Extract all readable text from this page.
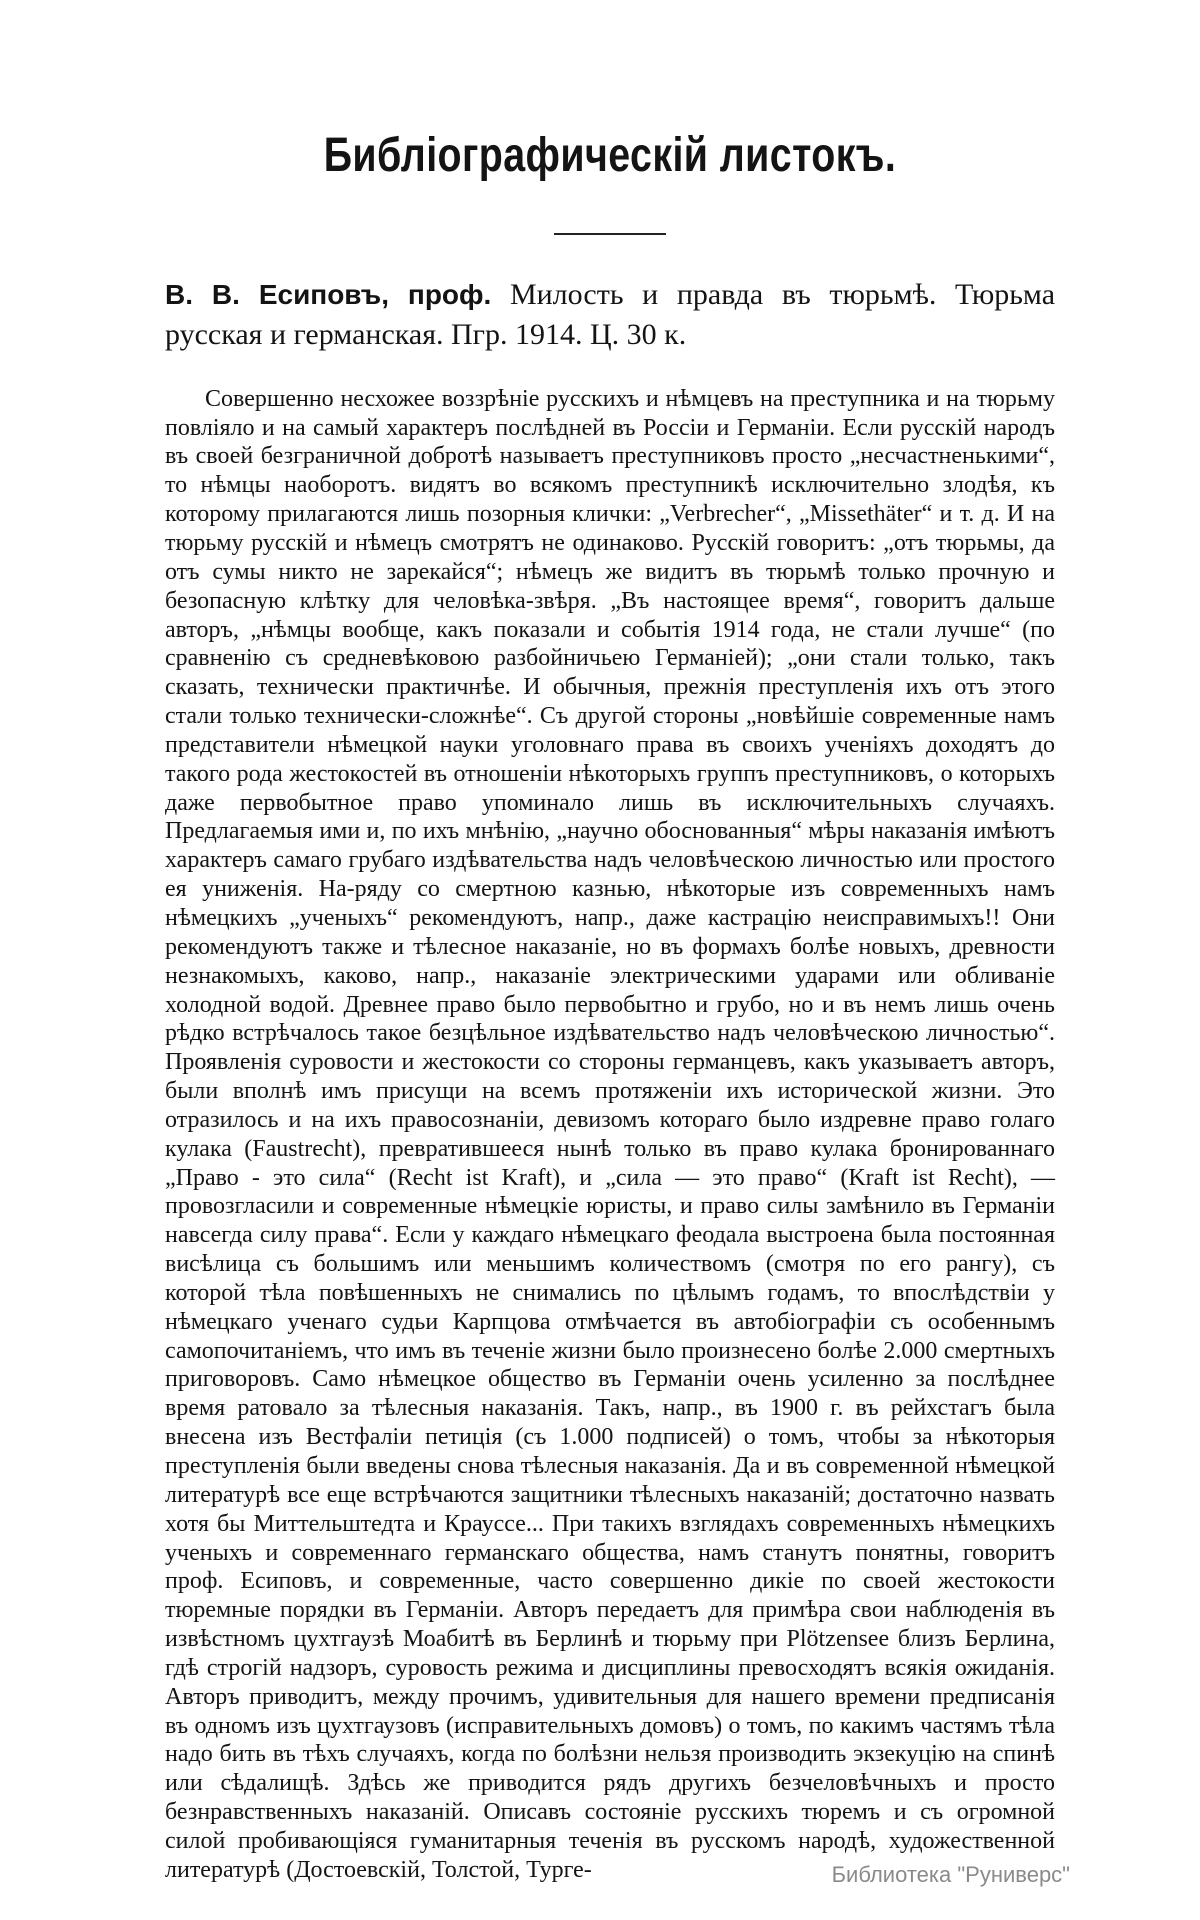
Библіографическій листокъ.

В. В. Есиповъ, проф. Милость и правда въ тюрьмѣ. Тюрьма русская и германская. Пгр. 1914. Ц. 30 к.

Совершенно несхожее воззрѣніе русскихъ и нѣмцевъ на преступника и на тюрьму повліяло и на самый характеръ послѣдней въ Россіи и Германіи. Если русскій народъ въ своей безграничной добротѣ называетъ преступниковъ просто „несчастненькими“, то нѣмцы наоборотъ. видятъ во всякомъ преступникѣ исключительно злодѣя, къ которому прилагаются лишь позорныя клички: „Verbrecher“, „Missethäter“ и т. д. И на тюрьму русскій и нѣмецъ смотрятъ не одинаково. Русскій говоритъ: „отъ тюрьмы, да отъ сумы никто не зарекайся“; нѣмецъ же видитъ въ тюрьмѣ только прочную и безопасную клѣтку для человѣка-звѣря. „Въ настоящее время“, говоритъ дальше авторъ, „нѣмцы вообще, какъ показали и событія 1914 года, не стали лучше“ (по сравненію съ средневѣковою разбойничьею Германіей); „они стали только, такъ сказать, технически практичнѣе. И обычныя, прежнія преступленія ихъ отъ этого стали только технически-сложнѣе“. Съ другой стороны „новѣйшіе современные намъ представители нѣмецкой науки уголовнаго права въ своихъ ученіяхъ доходятъ до такого рода жестокостей въ отношеніи нѣкоторыхъ группъ преступниковъ, о которыхъ даже первобытное право упоминало лишь въ исключительныхъ случаяхъ. Предлагаемыя ими и, по ихъ мнѣнію, „научно обоснованныя“ мѣры наказанія имѣютъ характеръ самаго грубаго издѣвательства надъ человѣческою личностью или простого ея униженія. На-ряду со смертною казнью, нѣкоторые изъ современныхъ намъ нѣмецкихъ „ученыхъ“ рекомендуютъ, напр., даже кастрацію неисправимыхъ!! Они рекомендуютъ также и тѣлесное наказаніе, но въ формахъ болѣе новыхъ, древности незнакомыхъ, каково, напр., наказаніе электрическими ударами или обливаніе холодной водой. Древнее право было первобытно и грубо, но и въ немъ лишь очень рѣдко встрѣчалось такое безцѣльное издѣвательство надъ человѣческою личностью“. Проявленія суровости и жестокости со стороны германцевъ, какъ указываетъ авторъ, были вполнѣ имъ присущи на всемъ протяженіи ихъ исторической жизни. Это отразилось и на ихъ правосознаніи, девизомъ котораго было издревне право голаго кулака (Faustrecht), превратившееся нынѣ только въ право кулака бронированнаго „Право - это сила“ (Recht ist Kraft), и „сила — это право“ (Kraft ist Recht), — провозгласили и современные нѣмецкіе юристы, и право силы замѣнило въ Германіи навсегда силу права“. Если у каждаго нѣмецкаго феодала выстроена была постоянная висѣлица съ большимъ или меньшимъ количествомъ (смотря по его рангу), съ которой тѣла повѣшенныхъ не снимались по цѣлымъ годамъ, то впослѣдствіи у нѣмецкаго ученаго судьи Карпцова отмѣчается въ автобіографіи съ особеннымъ самопочитаніемъ, что имъ въ теченіе жизни было произнесено болѣе 2.000 смертныхъ приговоровъ. Само нѣмецкое общество въ Германіи очень усиленно за послѣднее время ратовало за тѣлесныя наказанія. Такъ, напр., въ 1900 г. въ рейхстагъ была внесена изъ Вестфаліи петиція (съ 1.000 подписей) о томъ, чтобы за нѣкоторыя преступленія были введены снова тѣлесныя наказанія. Да и въ современной нѣмецкой литературѣ все еще встрѣчаются защитники тѣлесныхъ наказаній; достаточно назвать хотя бы Миттельштедта и Крауссе... При такихъ взглядахъ современныхъ нѣмецкихъ ученыхъ и современнаго германскаго общества, намъ станутъ понятны, говоритъ проф. Есиповъ, и современные, часто совершенно дикіе по своей жестокости тюремные порядки въ Германіи. Авторъ передаетъ для примѣра свои наблюденія въ извѣстномъ цухтгаузѣ Моабитѣ въ Берлинѣ и тюрьму при Plötzensee близъ Берлина, гдѣ строгій надзоръ, суровость режима и дисциплины превосходятъ всякія ожиданія. Авторъ приводитъ, между прочимъ, удивительныя для нашего времени предписанія въ одномъ изъ цухтгаузовъ (исправительныхъ домовъ) о томъ, по какимъ частямъ тѣла надо бить въ тѣхъ случаяхъ, когда по болѣзни нельзя производить экзекуцію на спинѣ или сѣдалищѣ. Здѣсь же приводится рядъ другихъ безчеловѣчныхъ и просто безнравственныхъ наказаній. Описавъ состояніе русскихъ тюремъ и съ огромной силой пробивающіяся гуманитарныя теченія въ русскомъ народѣ, художественной литературѣ (Достоевскій, Толстой, Турге-	Библиотека "Руниверс"
